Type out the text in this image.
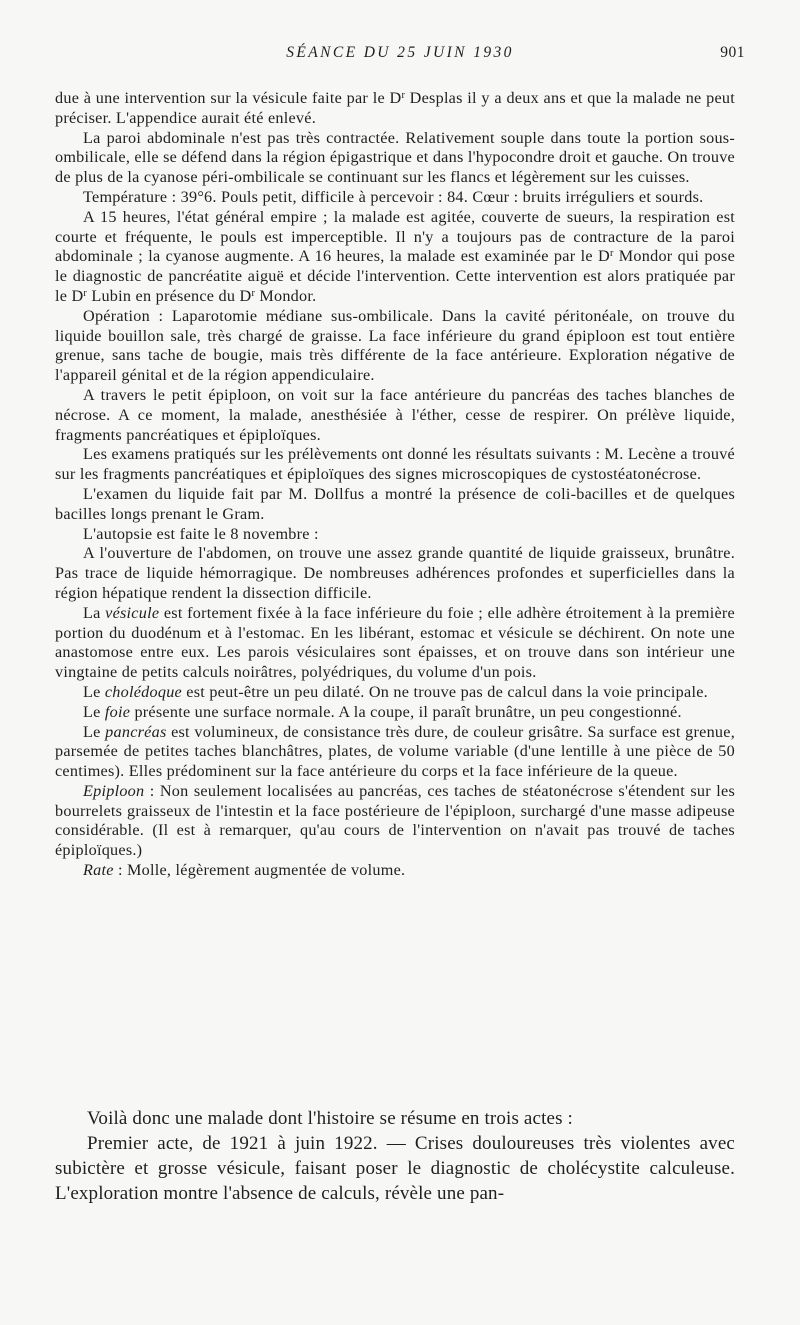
SÉANCE DU 25 JUIN 1930	901

due à une intervention sur la vésicule faite par le $D^r$ Desplas il y a deux ans et que la malade ne peut préciser. L'appendice aurait été enlevé.

La paroi abdominale n'est pas très contractée. Relativement souple dans toute la portion sous-ombilicale, elle se défend dans la région épigastrique et dans l'hypocondre droit et gauche. On trouve de plus de la cyanose péri-ombilicale se continuant sur les flancs et légèrement sur les cuisses.

Température : 39°6. Pouls petit, difficile à percevoir : 84. Cœur : bruits irréguliers et sourds.

A 15 heures, l'état général empire ; la malade est agitée, couverte de sueurs, la respiration est courte et fréquente, le pouls est imperceptible. Il n'y a toujours pas de contracture de la paroi abdominale ; la cyanose augmente. A 16 heures, la malade est examinée par le $D^r$ Mondor qui pose le diagnostic de pancréatite aiguë et décide l'intervention. Cette intervention est alors pratiquée par le $D^r$ Lubin en présence du $D^r$ Mondor.

Opération : Laparotomie médiane sus-ombilicale. Dans la cavité péritonéale, on trouve du liquide bouillon sale, très chargé de graisse. La face inférieure du grand épiploon est tout entière grenue, sans tache de bougie, mais très différente de la face antérieure. Exploration négative de l'appareil génital et de la région appendiculaire.

A travers le petit épiploon, on voit sur la face antérieure du pancréas des taches blanches de nécrose. A ce moment, la malade, anesthésiée à l'éther, cesse de respirer. On prélève liquide, fragments pancréatiques et épiploïques.

Les examens pratiqués sur les prélèvements ont donné les résultats suivants : M. Lecène a trouvé sur les fragments pancréatiques et épiploïques des signes microscopiques de cystostéatonécrose.

L'examen du liquide fait par M. Dollfus a montré la présence de coli-bacilles et de quelques bacilles longs prenant le Gram.

L'autopsie est faite le 8 novembre :

A l'ouverture de l'abdomen, on trouve une assez grande quantité de liquide graisseux, brunâtre. Pas trace de liquide hémorragique. De nombreuses adhérences profondes et superficielles dans la région hépatique rendent la dissection difficile.

La vésicule est fortement fixée à la face inférieure du foie ; elle adhère étroitement à la première portion du duodénum et à l'estomac. En les libérant, estomac et vésicule se déchirent. On note une anastomose entre eux. Les parois vésiculaires sont épaisses, et on trouve dans son intérieur une vingtaine de petits calculs noirâtres, polyédriques, du volume d'un pois.

Le cholédoque est peut-être un peu dilaté. On ne trouve pas de calcul dans la voie principale.

Le foie présente une surface normale. A la coupe, il paraît brunâtre, un peu congestionné.

Le pancréas est volumineux, de consistance très dure, de couleur grisâtre. Sa surface est grenue, parsemée de petites taches blanchâtres, plates, de volume variable (d'une lentille à une pièce de 50 centimes). Elles prédominent sur la face antérieure du corps et la face inférieure de la queue.

Epiploon : Non seulement localisées au pancréas, ces taches de stéatonécrose s'étendent sur les bourrelets graisseux de l'intestin et la face postérieure de l'épiploon, surchargé d'une masse adipeuse considérable. (Il est à remarquer, qu'au cours de l'intervention on n'avait pas trouvé de taches épiploïques.)

Rate : Molle, légèrement augmentée de volume.

Voilà donc une malade dont l'histoire se résume en trois actes :

Premier acte, de 1921 à juin 1922. — Crises douloureuses très violentes avec subictère et grosse vésicule, faisant poser le diagnostic de cholécystite calculeuse. L'exploration montre l'absence de calculs, révèle une pan-
